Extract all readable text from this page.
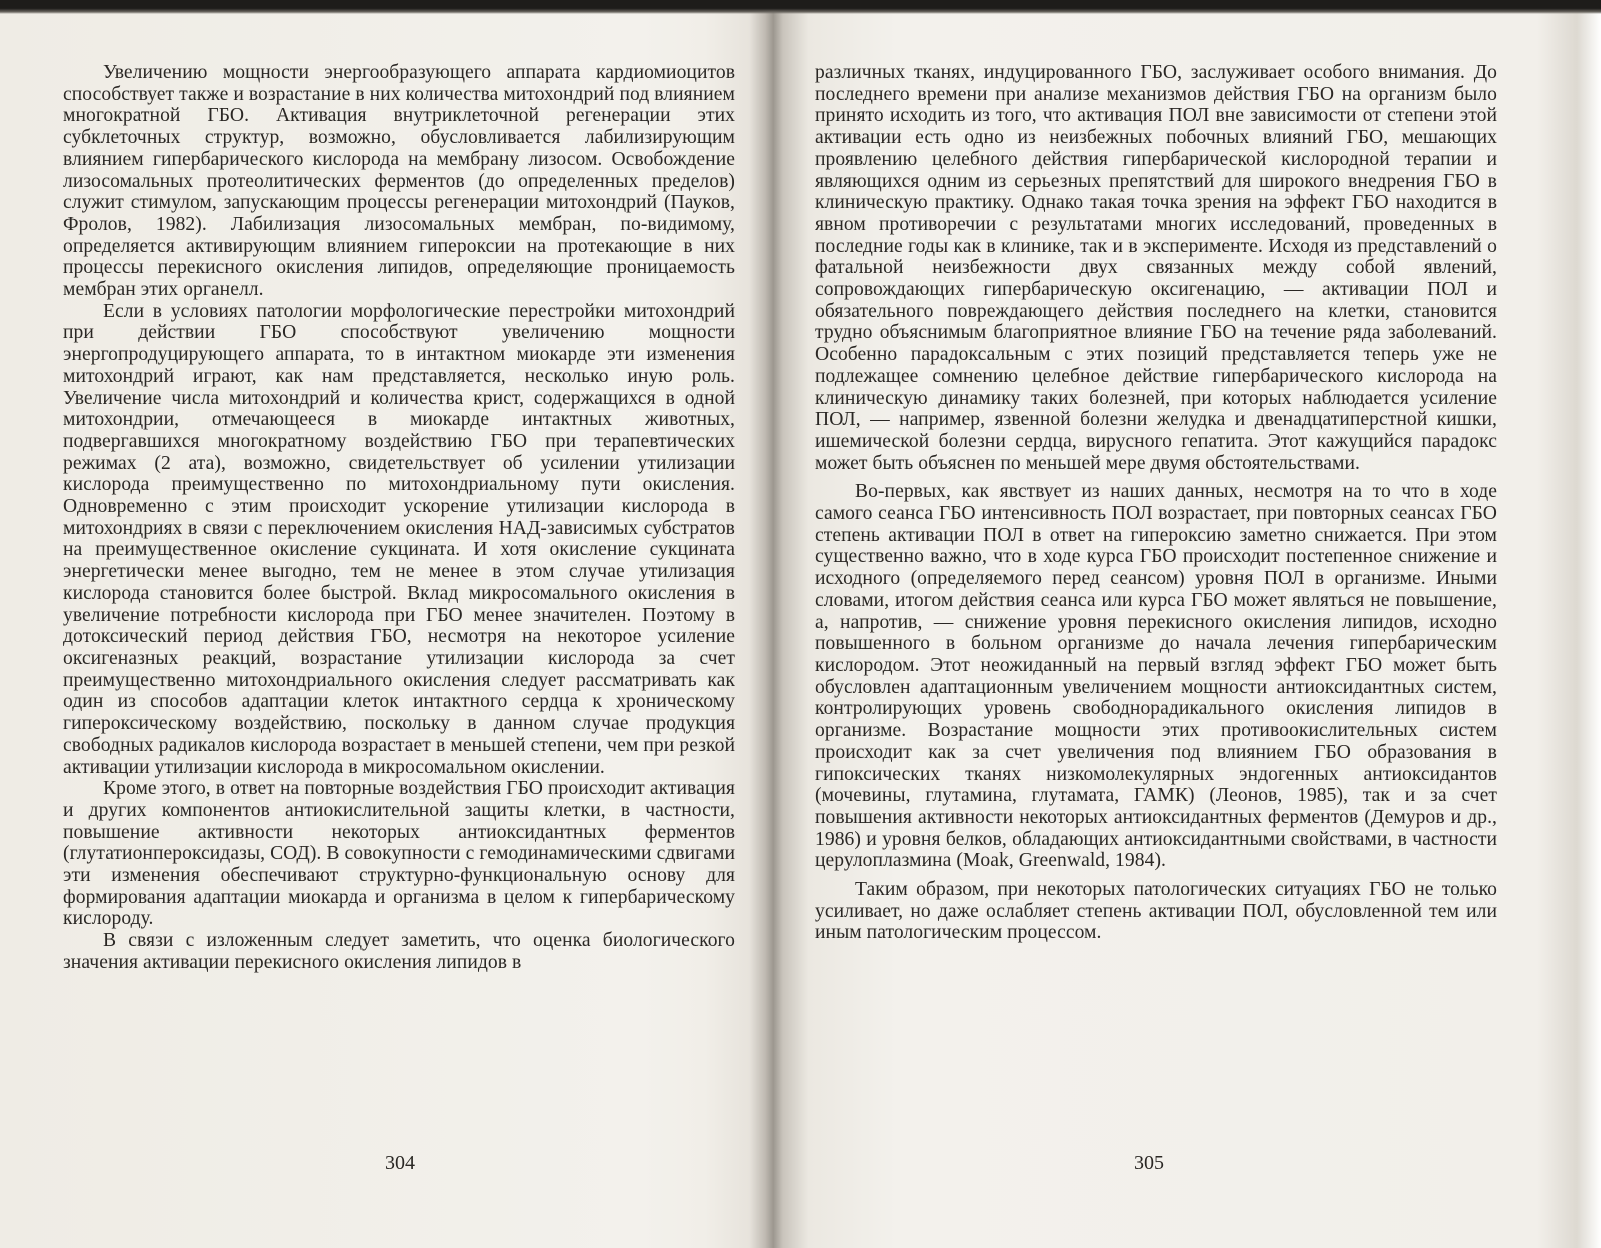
Увеличению мощности энергообразующего аппарата кардиомиоцитов способствует также и возрастание в них количества митохондрий под влиянием многократной ГБО. Активация внутриклеточной регенерации этих субклеточных структур, возможно, обусловливается лабилизирующим влиянием гипербарического кислорода на мембрану лизосом. Освобождение лизосомальных протеолитических ферментов (до определенных пределов) служит стимулом, запускающим процессы регенерации митохондрий (Пауков, Фролов, 1982). Лабилизация лизосомальных мембран, по-видимому, определяется активирующим влиянием гипероксии на протекающие в них процессы перекисного окисления липидов, определяющие проницаемость мембран этих органелл.

Если в условиях патологии морфологические перестройки митохондрий при действии ГБО способствуют увеличению мощности энергопродуцирующего аппарата, то в интактном миокарде эти изменения митохондрий играют, как нам представляется, несколько иную роль. Увеличение числа митохондрий и количества крист, содержащихся в одной митохондрии, отмечающееся в миокарде интактных животных, подвергавшихся многократному воздействию ГБО при терапевтических режимах (2 ата), возможно, свидетельствует об усилении утилизации кислорода преимущественно по митохондриальному пути окисления. Одновременно с этим происходит ускорение утилизации кислорода в митохондриях в связи с переключением окисления НАД-зависимых субстратов на преимущественное окисление сукцината. И хотя окисление сукцината энергетически менее выгодно, тем не менее в этом случае утилизация кислорода становится более быстрой. Вклад микросомального окисления в увеличение потребности кислорода при ГБО менее значителен. Поэтому в дотоксический период действия ГБО, несмотря на некоторое усиление оксигеназных реакций, возрастание утилизации кислорода за счет преимущественно митохондриального окисления следует рассматривать как один из способов адаптации клеток интактного сердца к хроническому гипероксическому воздействию, поскольку в данном случае продукция свободных радикалов кислорода возрастает в меньшей степени, чем при резкой активации утилизации кислорода в микросомальном окислении.

Кроме этого, в ответ на повторные воздействия ГБО происходит активация и других компонентов антиокислительной защиты клетки, в частности, повышение активности некоторых антиоксидантных ферментов (глутатионпероксидазы, СОД). В совокупности с гемодинамическими сдвигами эти изменения обеспечивают структурно-функциональную основу для формирования адаптации миокарда и организма в целом к гипербарическому кислороду.

В связи с изложенным следует заметить, что оценка биологического значения активации перекисного окисления липидов в

304

различных тканях, индуцированного ГБО, заслуживает особого внимания. До последнего времени при анализе механизмов действия ГБО на организм было принято исходить из того, что активация ПОЛ вне зависимости от степени этой активации есть одно из неизбежных побочных влияний ГБО, мешающих проявлению целебного действия гипербарической кислородной терапии и являющихся одним из серьезных препятствий для широкого внедрения ГБО в клиническую практику. Однако такая точка зрения на эффект ГБО находится в явном противоречии с результатами многих исследований, проведенных в последние годы как в клинике, так и в эксперименте. Исходя из представлений о фатальной неизбежности двух связанных между собой явлений, сопровождающих гипербарическую оксигенацию, — активации ПОЛ и обязательного повреждающего действия последнего на клетки, становится трудно объяснимым благоприятное влияние ГБО на течение ряда заболеваний. Особенно парадоксальным с этих позиций представляется теперь уже не подлежащее сомнению целебное действие гипербарического кислорода на клиническую динамику таких болезней, при которых наблюдается усиление ПОЛ, — например, язвенной болезни желудка и двенадцатиперстной кишки, ишемической болезни сердца, вирусного гепатита. Этот кажущийся парадокс может быть объяснен по меньшей мере двумя обстоятельствами.

Во-первых, как явствует из наших данных, несмотря на то что в ходе самого сеанса ГБО интенсивность ПОЛ возрастает, при повторных сеансах ГБО степень активации ПОЛ в ответ на гипероксию заметно снижается. При этом существенно важно, что в ходе курса ГБО происходит постепенное снижение и исходного (определяемого перед сеансом) уровня ПОЛ в организме. Иными словами, итогом действия сеанса или курса ГБО может являться не повышение, а, напротив, — снижение уровня перекисного окисления липидов, исходно повышенного в больном организме до начала лечения гипербарическим кислородом. Этот неожиданный на первый взгляд эффект ГБО может быть обусловлен адаптационным увеличением мощности антиоксидантных систем, контролирующих уровень свободнорадикального окисления липидов в организме. Возрастание мощности этих противоокислительных систем происходит как за счет увеличения под влиянием ГБО образования в гипоксических тканях низкомолекулярных эндогенных антиоксидантов (мочевины, глутамина, глутамата, ГАМК) (Леонов, 1985), так и за счет повышения активности некоторых антиоксидантных ферментов (Демуров и др., 1986) и уровня белков, обладающих антиоксидантными свойствами, в частности церулоплазмина (Moak, Greenwald, 1984).

Таким образом, при некоторых патологических ситуациях ГБО не только усиливает, но даже ослабляет степень активации ПОЛ, обусловленной тем или иным патологическим процессом.

305
